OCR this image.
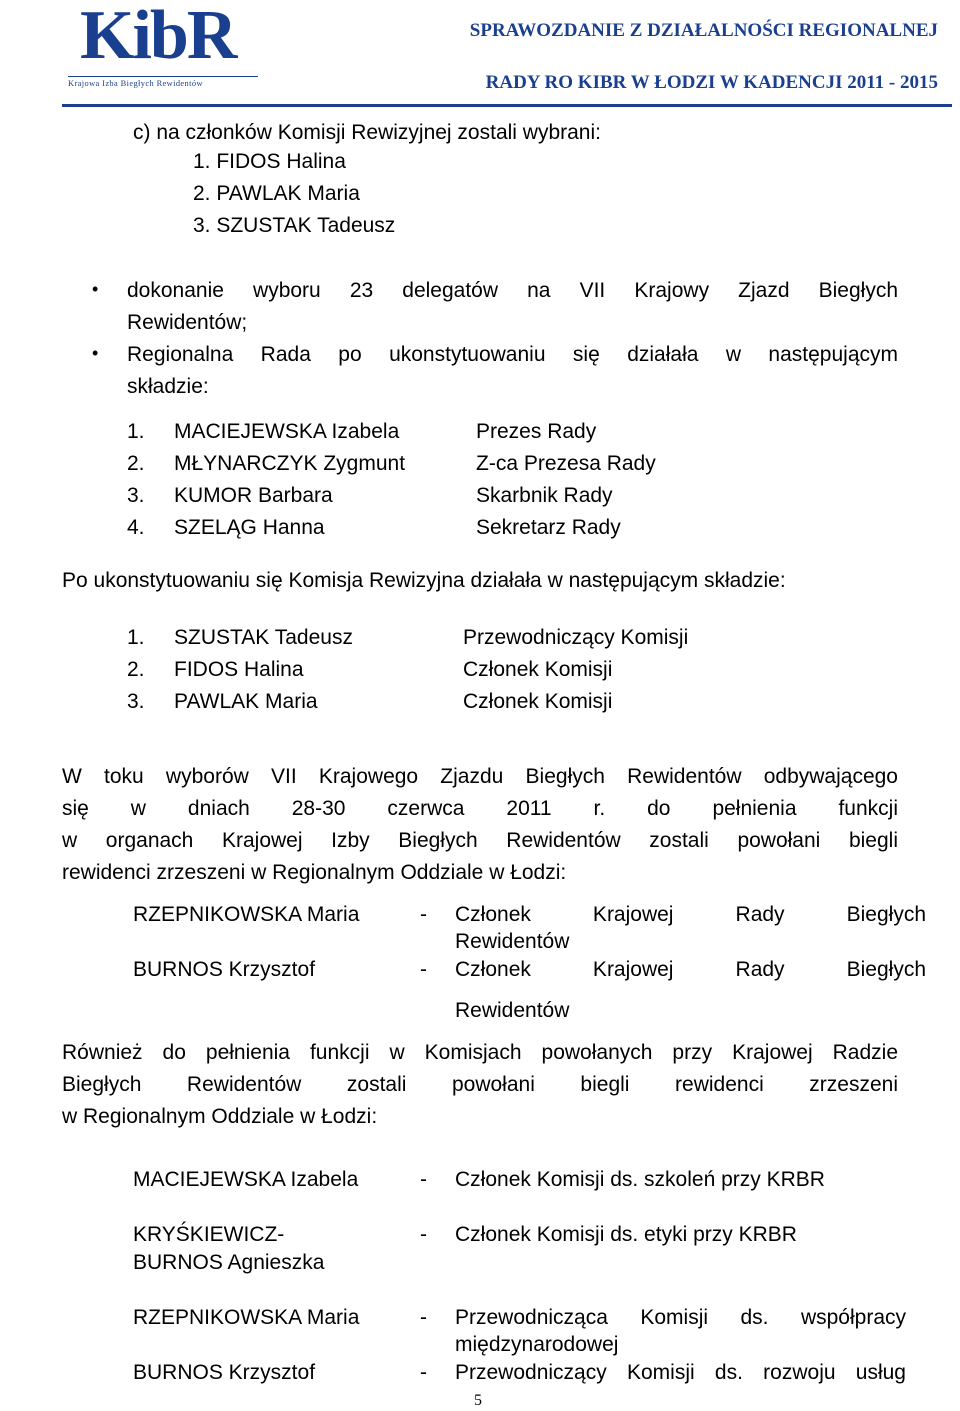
KibR
Krajowa Izba Biegłych Rewidentów
SPRAWOZDANIE Z DZIAŁALNOŚCI REGIONALNEJ
RADY RO KIBR W ŁODZI W KADENCJI 2011 - 2015
c) na członków Komisji Rewizyjnej zostali wybrani:
1. FIDOS Halina
2. PAWLAK Maria
3. SZUSTAK Tadeusz
•
dokonanie wyboru 23 delegatów na VII Krajowy Zjazd Biegłych
Rewidentów;
•
Regionalna Rada po ukonstytuowaniu się działała w następującym
składzie:
1. MACIEJEWSKA Izabela	Prezes Rady
2. MŁYNARCZYK Zygmunt	Z-ca Prezesa Rady
3. KUMOR Barbara	Skarbnik Rady
4. SZELĄG Hanna	Sekretarz Rady
Po ukonstytuowaniu się Komisja Rewizyjna działała w następującym składzie:
1. SZUSTAK Tadeusz	Przewodniczący Komisji
2. FIDOS Halina	Członek Komisji
3. PAWLAK Maria	Członek Komisji
W toku wyborów VII Krajowego Zjazdu Biegłych Rewidentów odbywającego
się w dniach 28-30 czerwca 2011 r. do pełnienia funkcji
w organach Krajowej Izby Biegłych Rewidentów zostali powołani biegli
rewidenci zrzeszeni w Regionalnym Oddziale w Łodzi:
RZEPNIKOWSKA Maria	- Członek Krajowej Rady Biegłych
Rewidentów
BURNOS Krzysztof	- Członek Krajowej Rady Biegłych
Rewidentów
Również do pełnienia funkcji w Komisjach powołanych przy Krajowej Radzie
Biegłych Rewidentów zostali powołani biegli rewidenci zrzeszeni
w Regionalnym Oddziale w Łodzi:
MACIEJEWSKA Izabela	- Członek Komisji ds. szkoleń przy KRBR
KRYŚKIEWICZ-
BURNOS Agnieszka
- Członek Komisji ds. etyki przy KRBR
RZEPNIKOWSKA Maria	- Przewodnicząca Komisji ds. współpracy
międzynarodowej
BURNOS Krzysztof	- Przewodniczący Komisji ds. rozwoju usług
5
